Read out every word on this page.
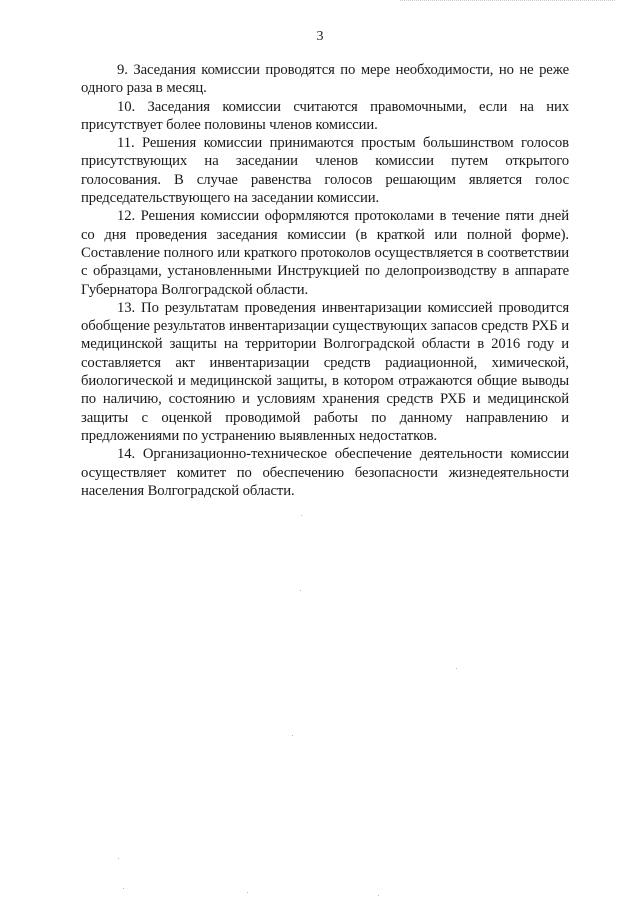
3

9. Заседания комиссии проводятся по мере необходимости, но не реже одного раза в месяц.

10. Заседания комиссии считаются правомочными, если на них присутствует более половины членов комиссии.

11. Решения комиссии принимаются простым большинством голосов присутствующих на заседании членов комиссии путем открытого голосования. В случае равенства голосов решающим является голос председательствующего на заседании комиссии.

12. Решения комиссии оформляются протоколами в течение пяти дней со дня проведения заседания комиссии (в краткой или полной форме). Составление полного или краткого протоколов осуществляется в соответствии с образцами, установленными Инструкцией по делопроизводству в аппарате Губернатора Волгоградской области.

13. По результатам проведения инвентаризации комиссией проводится обобщение результатов инвентаризации существующих запасов средств РХБ и медицинской защиты на территории Волгоградской области в 2016 году и составляется акт инвентаризации средств радиационной, химической, биологической и медицинской защиты, в котором отражаются общие выводы по наличию, состоянию и условиям хранения средств РХБ и медицинской защиты с оценкой проводимой работы по данному направлению и предложениями по устранению выявленных недостатков.

14. Организационно-техническое обеспечение деятельности комиссии осуществляет комитет по обеспечению безопасности жизнедеятельности населения Волгоградской области.
